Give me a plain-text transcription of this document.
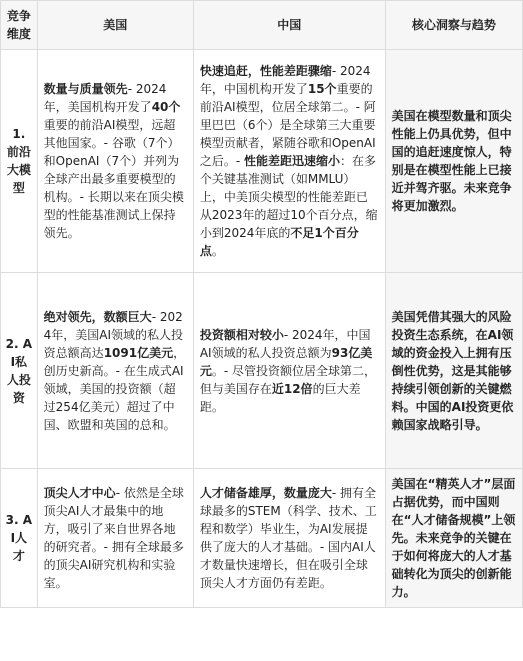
竞争维度	美国	中国	核心洞察与趋势
1. 前沿大模型	数量与质量领先- 2024年，美国机构开发了40个重要的前沿AI模型，远超其他国家。- 谷歌（7个）和OpenAI（7个）并列为全球产出最多重要模型的机构。- 长期以来在顶尖模型的性能基准测试上保持领先。	快速追赶，性能差距骤缩- 2024年，中国机构开发了15个重要的前沿AI模型，位居全球第二。- 阿里巴巴（6个）是全球第三大重要模型贡献者，紧随谷歌和OpenAI之后。- 性能差距迅速缩小：在多个关键基准测试（如MMLU）上，中美顶尖模型的性能差距已从2023年的超过10个百分点，缩小到2024年底的不足1个百分点。	美国在模型数量和顶尖性能上仍具优势，但中国的追赶速度惊人，特别是在模型性能上已接近并驾齐驱。未来竞争将更加激烈。
2. AI私人投资	绝对领先，数额巨大- 2024年，美国AI领域的私人投资总额高达1091亿美元，创历史新高。- 在生成式AI领域，美国的投资额（超过254亿美元）超过了中国、欧盟和英国的总和。	投资额相对较小- 2024年，中国AI领域的私人投资总额为93亿美元。- 尽管投资额位居全球第二，但与美国存在近12倍的巨大差距。	美国凭借其强大的风险投资生态系统，在AI领域的资金投入上拥有压倒性优势，这是其能够持续引领创新的关键燃料。中国的AI投资更依赖国家战略引导。
3. AI人才	顶尖人才中心- 依然是全球顶尖AI人才最集中的地方，吸引了来自世界各地的研究者。- 拥有全球最多的顶尖AI研究机构和实验室。	人才储备雄厚，数量庞大- 拥有全球最多的STEM（科学、技术、工程和数学）毕业生，为AI发展提供了庞大的人才基础。- 国内AI人才数量快速增长，但在吸引全球顶尖人才方面仍有差距。	美国在“精英人才”层面占据优势，而中国则在“人才储备规模”上领先。未来竞争的关键在于如何将庞大的人才基础转化为顶尖的创新能力。
